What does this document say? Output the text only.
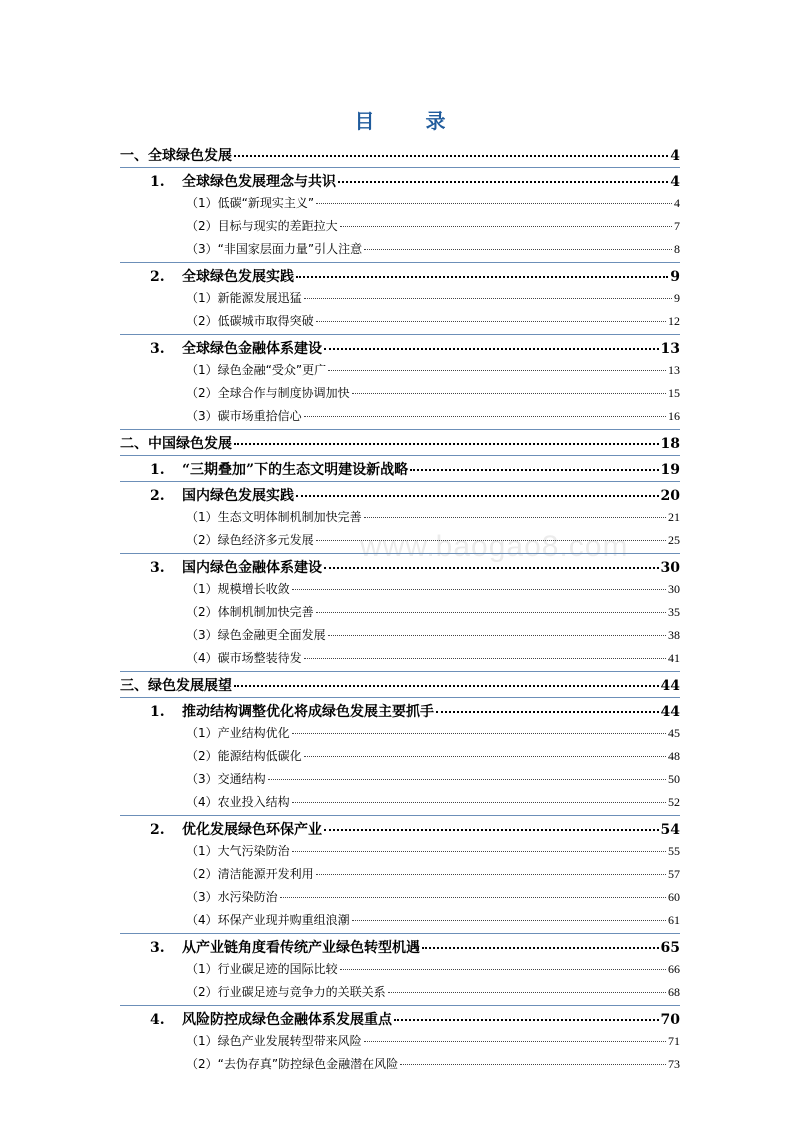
目 录
www.baogao8.com
一、 全球绿色发展	4
1.	全球绿色发展理念与共识	4
（1） 低碳“新现实主义”	4
（2） 目标与现实的差距拉大	7
（3） “非国家层面力量”引人注意	8
2.	全球绿色发展实践	9
（1） 新能源发展迅猛	9
（2） 低碳城市取得突破	12
3.	全球绿色金融体系建设	13
（1） 绿色金融“受众”更广	13
（2） 全球合作与制度协调加快	15
（3） 碳市场重拾信心	16
二、 中国绿色发展	18
1.	“三期叠加”下的生态文明建设新战略	19
2.	国内绿色发展实践	20
（1） 生态文明体制机制加快完善	21
（2） 绿色经济多元发展	25
3.	国内绿色金融体系建设	30
（1） 规模增长收敛	30
（2） 体制机制加快完善	35
（3） 绿色金融更全面发展	38
（4） 碳市场整装待发	41
三、 绿色发展展望	44
1.	推动结构调整优化将成绿色发展主要抓手	44
（1） 产业结构优化	45
（2） 能源结构低碳化	48
（3） 交通结构	50
（4） 农业投入结构	52
2.	优化发展绿色环保产业	54
（1） 大气污染防治	55
（2） 清洁能源开发利用	57
（3） 水污染防治	60
（4） 环保产业现并购重组浪潮	61
3.	从产业链角度看传统产业绿色转型机遇	65
（1） 行业碳足迹的国际比较	66
（2） 行业碳足迹与竞争力的关联关系	68
4.	风险防控成绿色金融体系发展重点	70
（1） 绿色产业发展转型带来风险	71
（2） “去伪存真”防控绿色金融潜在风险	73
